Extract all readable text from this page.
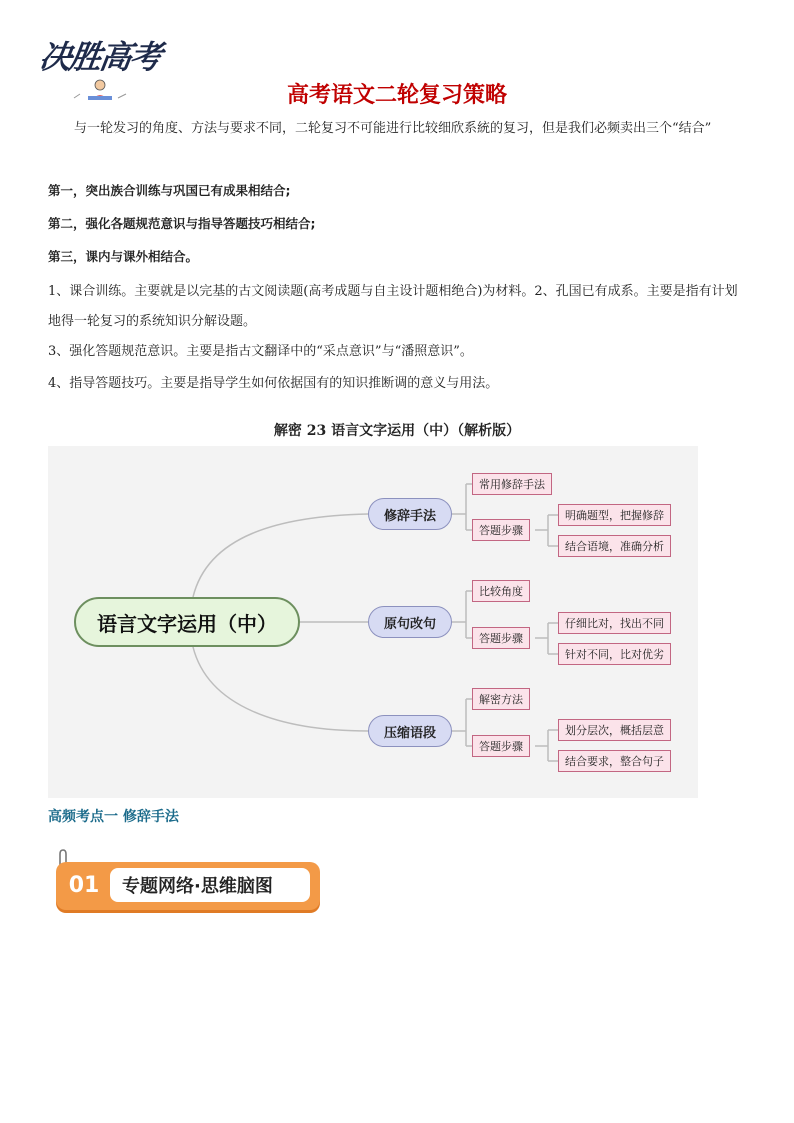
决胜高考
高考语文二轮复习策略

与一轮发习的角度、方法与要求不同，二轮复习不可能进行比较细欣系統的复习，但是我们必频卖出三个“结合”

第一，突出族合训练与巩国已有成果相结合;

第二，强化各题规范意识与指导答题技巧相结合;

第三，课内与课外相结合。

1、课合训练。主要就是以完基的古文阅读题(高考成题与自主设计题相绝合)为材料。2、孔国已有成系。主要是指有计划地得一轮复习的系统知识分解设题。

3、强化答题规范意识。主要是指古文翻译中的“采点意识”与“潘照意识”。

4、指导答题技巧。主要是指导学生如何依据国有的知识推断调的意义与用法。

解密 23 语言文字运用（中）（解析版）
语言文字运用（中）
修辞手法
原句改句
压缩语段
常用修辞手法
答题步骤
明确题型，把握修辞
结合语境，准确分析
比较角度
答题步骤
仔细比对，找出不同
针对不同，比对优劣
解密方法
答题步骤
划分层次，概括层意
结合要求，整合句子
高频考点一 修辞手法
01	专题网络·思维脑图
